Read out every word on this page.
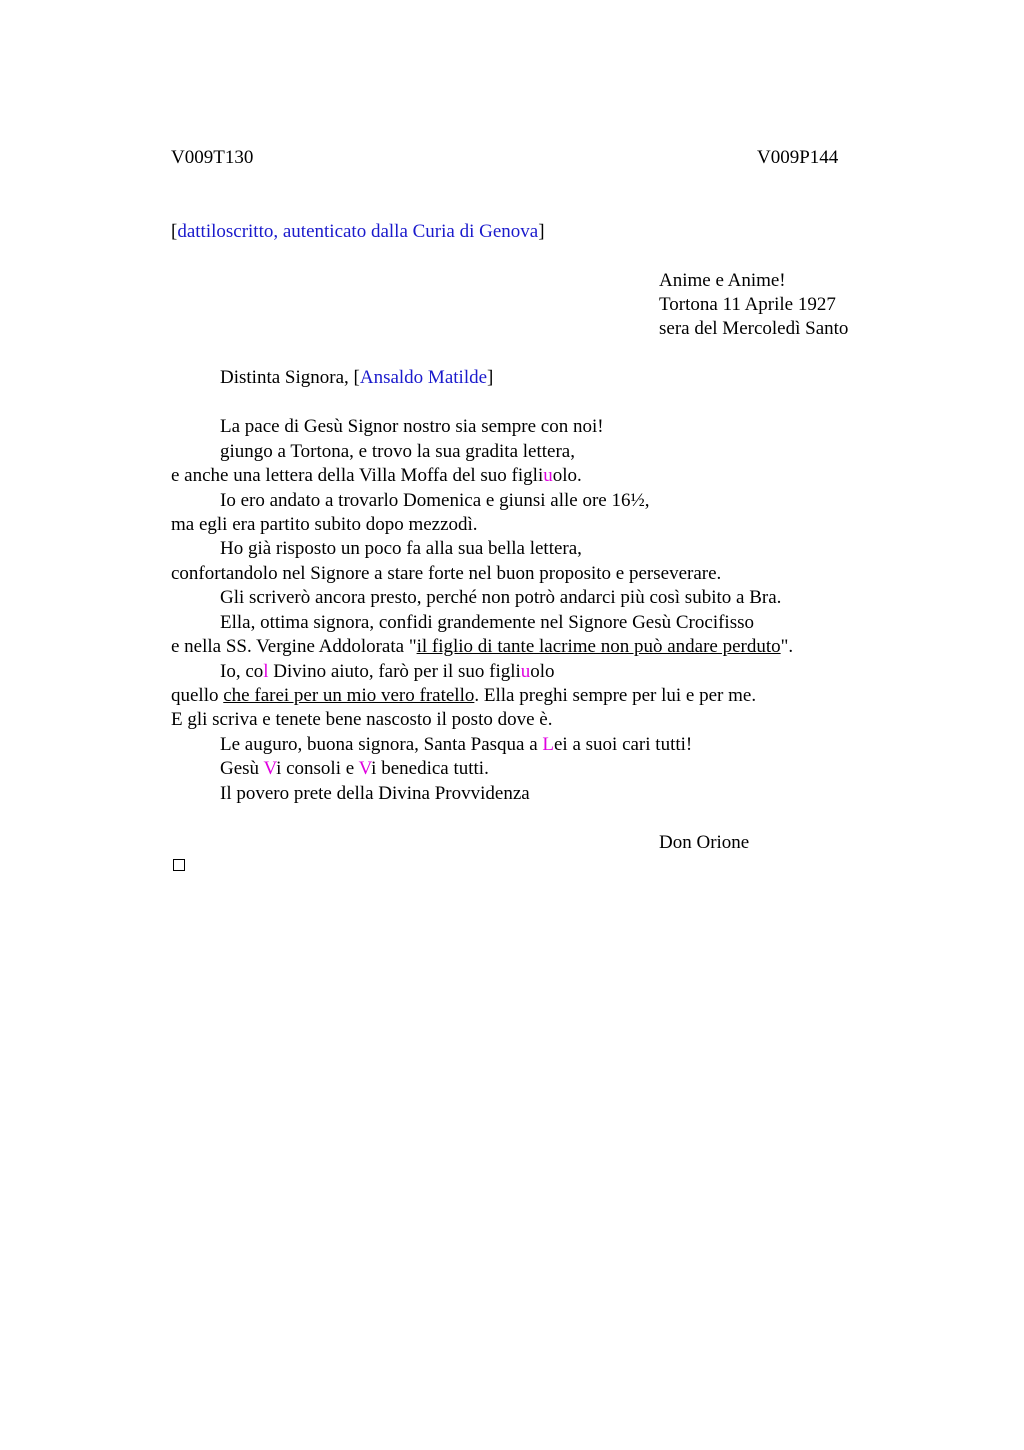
V009T130	V009P144
[dattiloscritto, autenticato dalla Curia di Genova]
Anime e Anime!
Tortona 11 Aprile 1927
sera del Mercoledì Santo
Distinta Signora, [Ansaldo Matilde]
La pace di Gesù Signor nostro sia sempre con noi!
giungo a Tortona, e trovo la sua gradita lettera,
e anche una lettera della Villa Moffa del suo figliuolo.
Io ero andato a trovarlo Domenica e giunsi alle ore 16½,
ma egli era partito subito dopo mezzodì.
Ho già risposto un poco fa alla sua bella lettera,
confortandolo nel Signore a stare forte nel buon proposito e perseverare.
Gli scriverò ancora presto, perché non potrò andarci più così subito a Bra.
Ella, ottima signora, confidi grandemente nel Signore Gesù Crocifisso
e nella SS. Vergine Addolorata "il figlio di tante lacrime non può andare perduto".
Io, col Divino aiuto, farò per il suo figliuolo
quello che farei per un mio vero fratello. Ella preghi sempre per lui e per me.
E gli scriva e tenete bene nascosto il posto dove è.
Le auguro, buona signora, Santa Pasqua a Lei a suoi cari tutti!
Gesù Vi consoli e Vi benedica tutti.
Il povero prete della Divina Provvidenza
Don Orione
